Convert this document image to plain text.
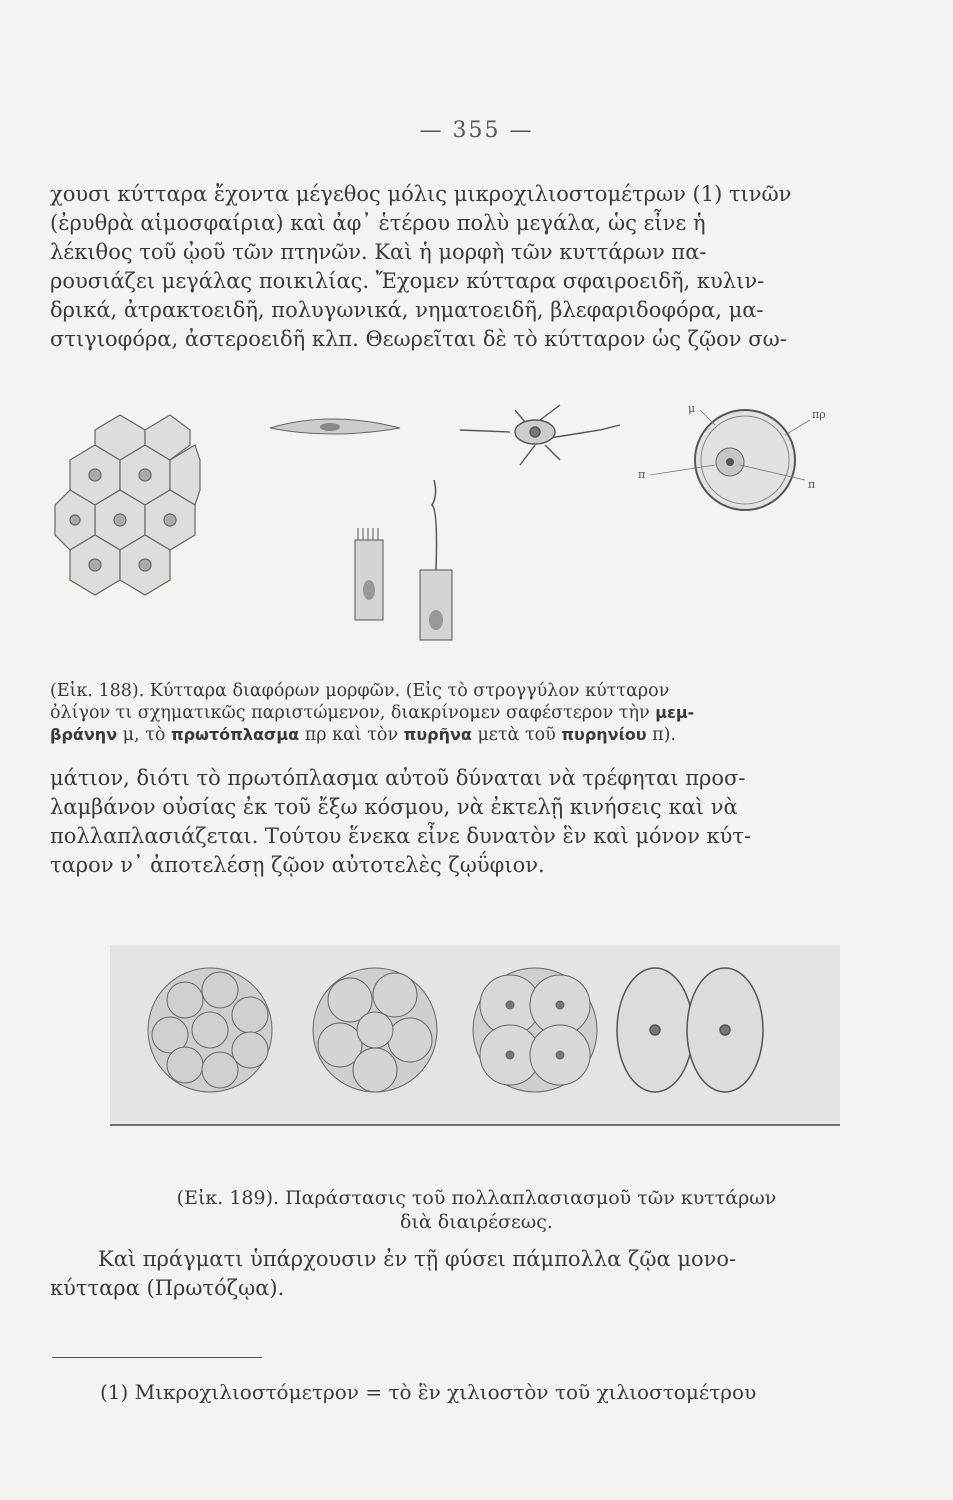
— 355 —
χουσι κύτταρα ἔχοντα μέγεθος μόλις μικροχιλιοστομέτρων (1) τινῶν
(ἐρυθρὰ αἱμοσφαίρια) καὶ ἀφ᾽ ἑτέρου πολὺ μεγάλα, ὡς εἶνε ἡ
λέκιθος τοῦ ᾠοῦ τῶν πτηνῶν. Καὶ ἡ μορφὴ τῶν κυττάρων πα-
ρουσιάζει μεγάλας ποικιλίας. Ἔχομεν κύτταρα σφαιροειδῆ, κυλιν-
δρικά, ἀτρακτοειδῆ, πολυγωνικά, νηματοειδῆ, βλεφαριδοφόρα, μα-
στιγιοφόρα, ἀστεροειδῆ κλπ. Θεωρεῖται δὲ τὸ κύτταρον ὡς ζῷον σω-
μ	πρ
π
π
(Εἰκ. 188). Κύτταρα διαφόρων μορφῶν. (Εἰς τὸ στρογγύλον κύτταρον
ὀλίγον τι σχηματικῶς παριστώμενον, διακρίνομεν σαφέστερον τὴν μεμ-
βράνην μ, τὸ πρωτόπλασμα πρ καὶ τὸν πυρῆνα μετὰ τοῦ πυρηνίου π).
μάτιον, διότι τὸ πρωτόπλασμα αὐτοῦ δύναται νὰ τρέφηται προσ-
λαμβάνον οὐσίας ἐκ τοῦ ἔξω κόσμου, νὰ ἐκτελῇ κινήσεις καὶ νὰ
πολλαπλασιάζεται. Τούτου ἕνεκα εἶνε δυνατὸν ἓν καὶ μόνον κύτ-
ταρον ν᾽ ἀποτελέσῃ ζῷον αὐτοτελὲς ζῳΰφιον.
(Εἰκ. 189). Παράστασις τοῦ πολλαπλασιασμοῦ τῶν κυττάρων
διὰ διαιρέσεως.
Καὶ πράγματι ὑπάρχουσιν ἐν τῇ φύσει πάμπολλα ζῷα μονο-
κύτταρα (Πρωτόζῳα).
(1) Μικροχιλιοστόμετρον = τὸ ἓν χιλιοστὸν τοῦ χιλιοστομέτρου
